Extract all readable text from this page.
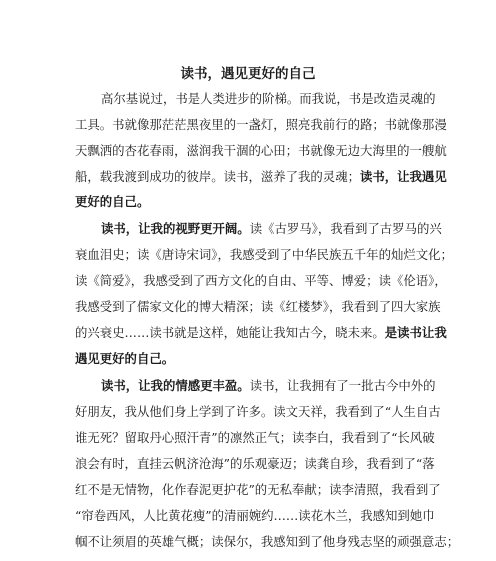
读书，遇见更好的自己
高尔基说过，书是人类进步的阶梯。而我说，书是改造灵魂的
工具。书就像那茫茫黑夜里的一盏灯，照亮我前行的路；书就像那漫
天飘洒的杏花春雨，滋润我干涸的心田；书就像无边大海里的一艘航
船，载我渡到成功的彼岸。读书，滋养了我的灵魂；读书，让我遇见
更好的自己。
读书，让我的视野更开阔。读《古罗马》，我看到了古罗马的兴
衰血泪史；读《唐诗宋词》，我感受到了中华民族五千年的灿烂文化；
读《简爱》，我感受到了西方文化的自由、平等、博爱；读《伦语》，
我感受到了儒家文化的博大精深；读《红楼梦》，我看到了四大家族
的兴衰史……读书就是这样，她能让我知古今，晓未来。是读书让我
遇见更好的自己。
读书，让我的情感更丰盈。读书，让我拥有了一批古今中外的
好朋友，我从他们身上学到了许多。读文天祥，我看到了“人生自古
谁无死？留取丹心照汗青”的凛然正气；读李白，我看到了“长风破
浪会有时，直挂云帆济沧海”的乐观豪迈；读龚自珍，我看到了“落
红不是无情物，化作春泥更护花”的无私奉献；读李清照，我看到了
“帘卷西风，人比黄花瘦”的清丽婉约……读花木兰，我感知到她巾
帼不让须眉的英雄气概；读保尔，我感知到了他身残志坚的顽强意志；
